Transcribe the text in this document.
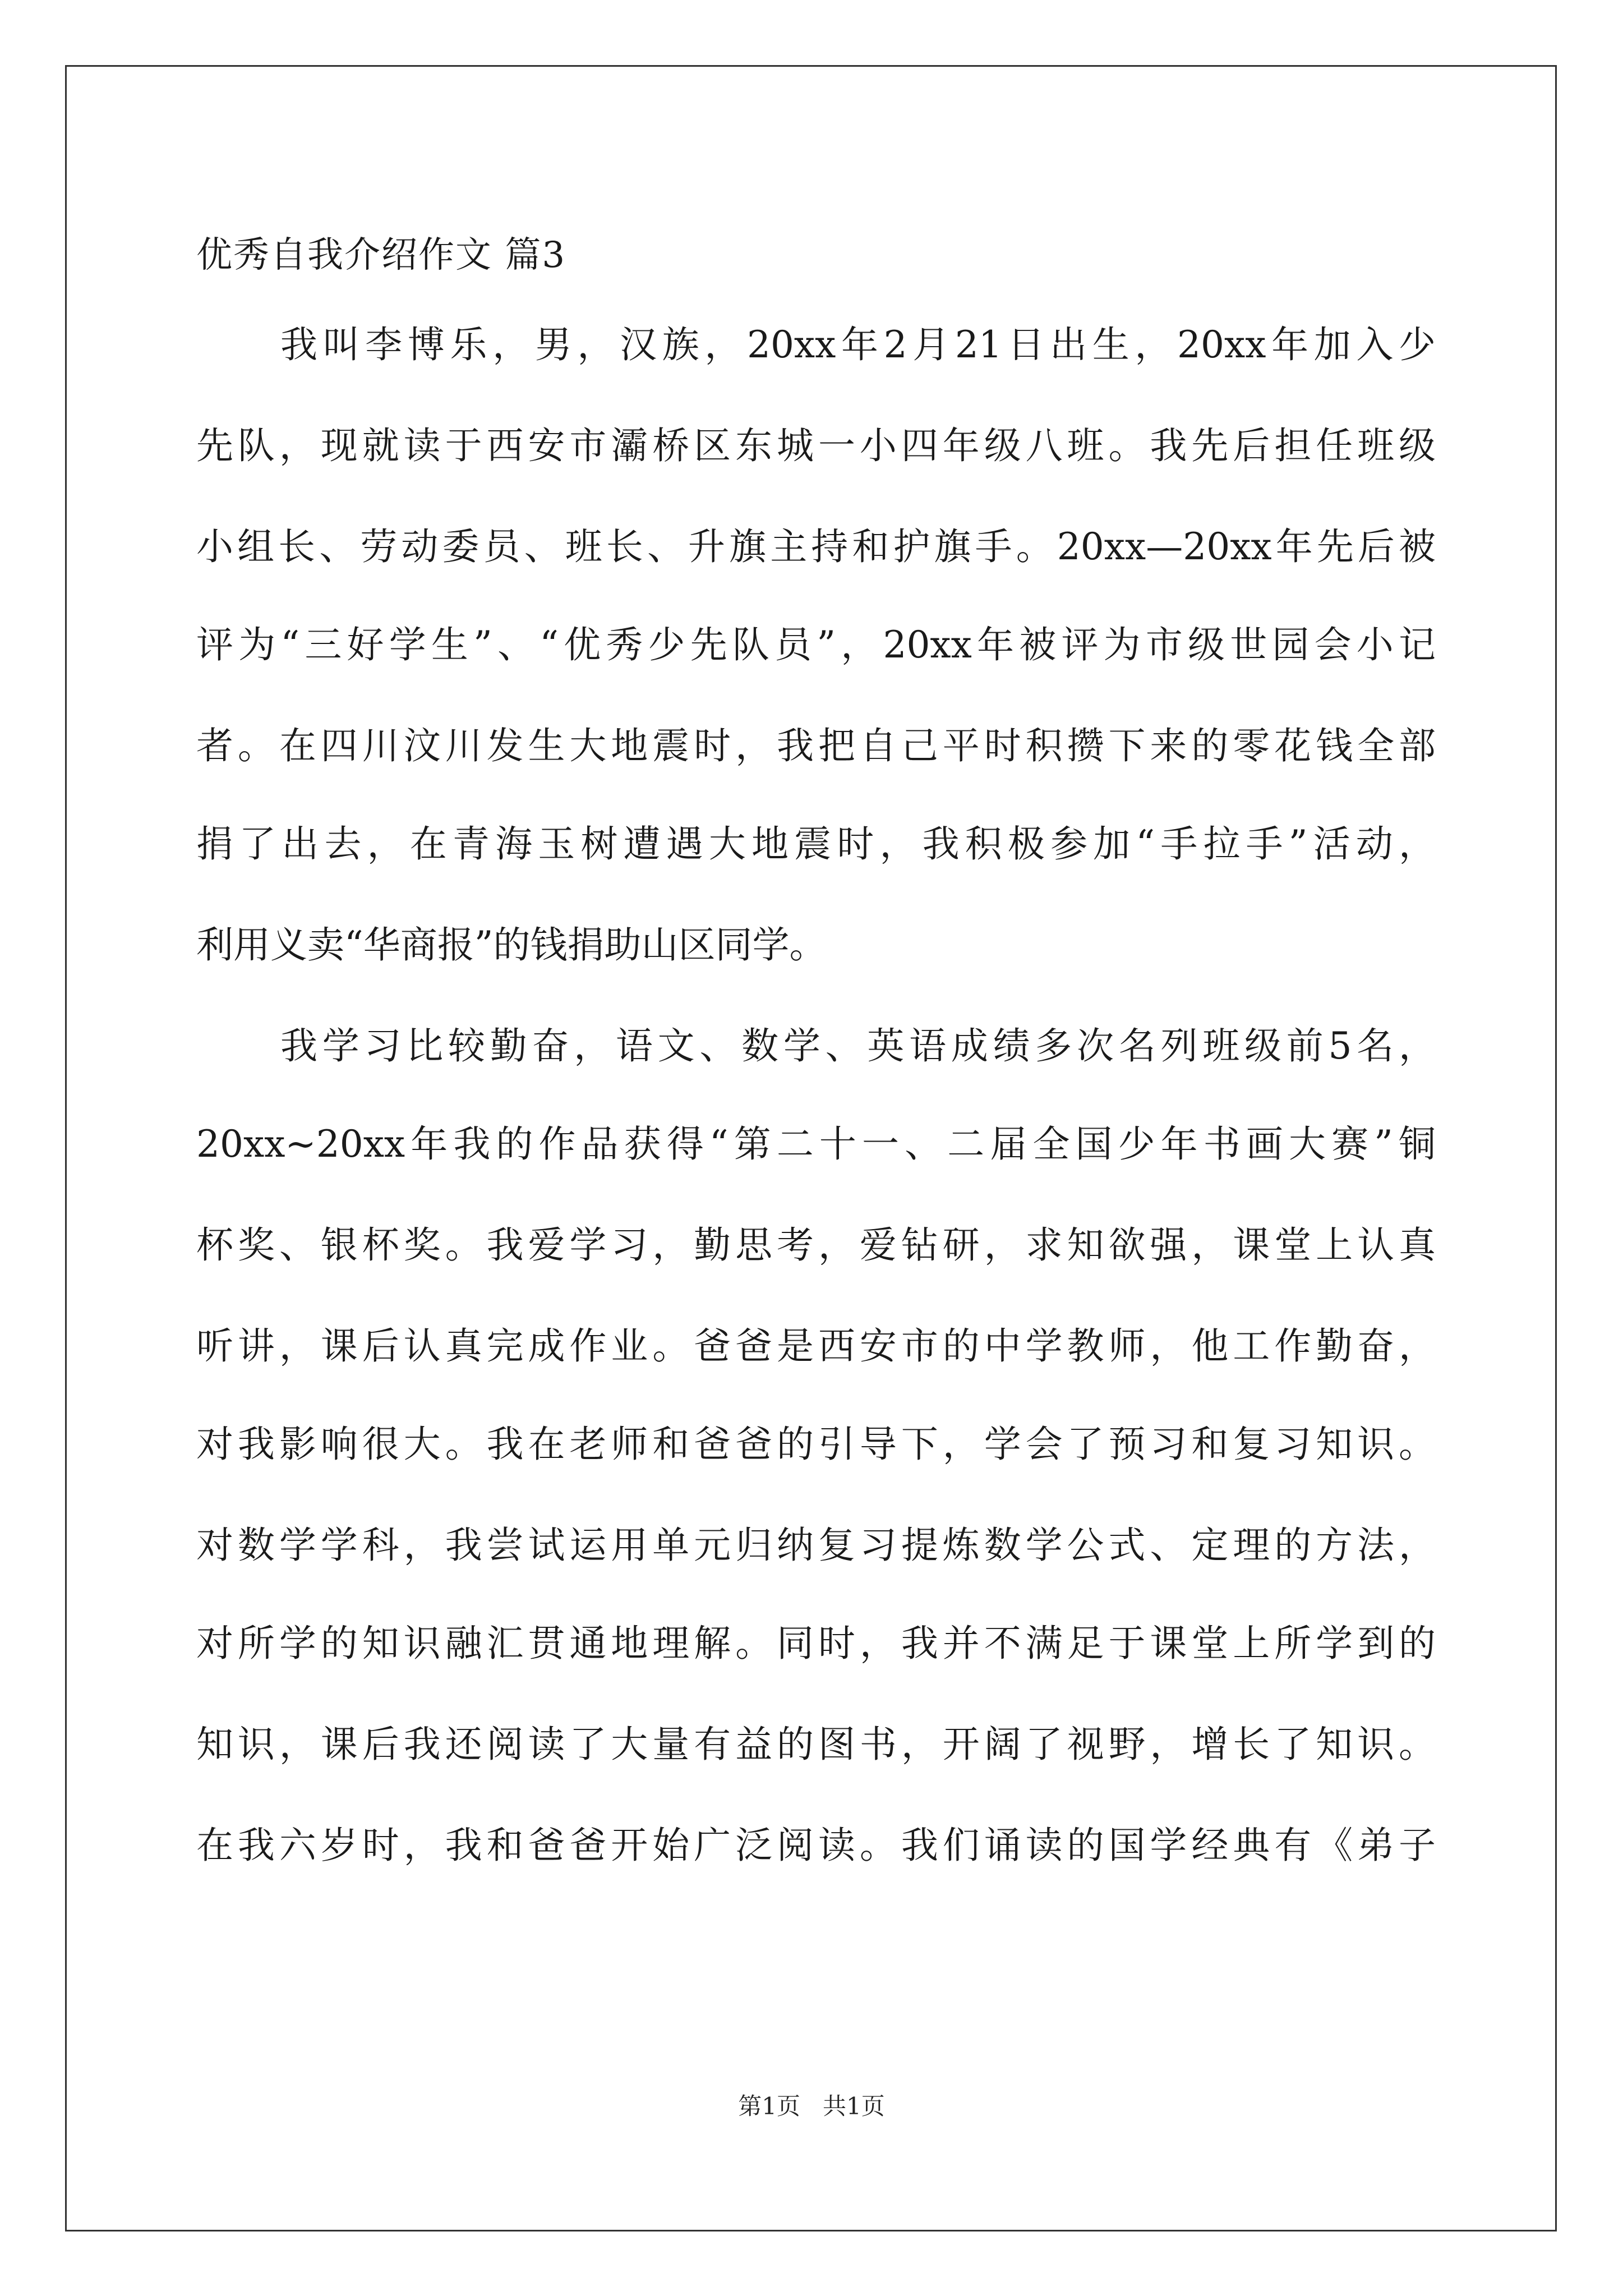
优秀自我介绍作文 篇3
我叫李博乐，男，汉族，20xx年2月21日出生，20xx年加入少
先队，现就读于西安市灞桥区东城一小四年级八班。我先后担任班级
小组长、劳动委员、班长、升旗主持和护旗手。20xx—20xx年先后被
评为“三好学生”、“优秀少先队员”，20xx年被评为市级世园会小记
者。在四川汶川发生大地震时，我把自己平时积攒下来的零花钱全部
捐了出去，在青海玉树遭遇大地震时，我积极参加“手拉手”活动，
利用义卖“华商报”的钱捐助山区同学。
我学习比较勤奋，语文、数学、英语成绩多次名列班级前5名，
20xx~20xx年我的作品获得“第二十一、二届全国少年书画大赛”铜
杯奖、银杯奖。我爱学习，勤思考，爱钻研，求知欲强，课堂上认真
听讲，课后认真完成作业。爸爸是西安市的中学教师，他工作勤奋，
对我影响很大。我在老师和爸爸的引导下，学会了预习和复习知识。
对数学学科，我尝试运用单元归纳复习提炼数学公式、定理的方法，
对所学的知识融汇贯通地理解。同时，我并不满足于课堂上所学到的
知识，课后我还阅读了大量有益的图书，开阔了视野，增长了知识。
在我六岁时，我和爸爸开始广泛阅读。我们诵读的国学经典有《弟子
第1页 共1页
